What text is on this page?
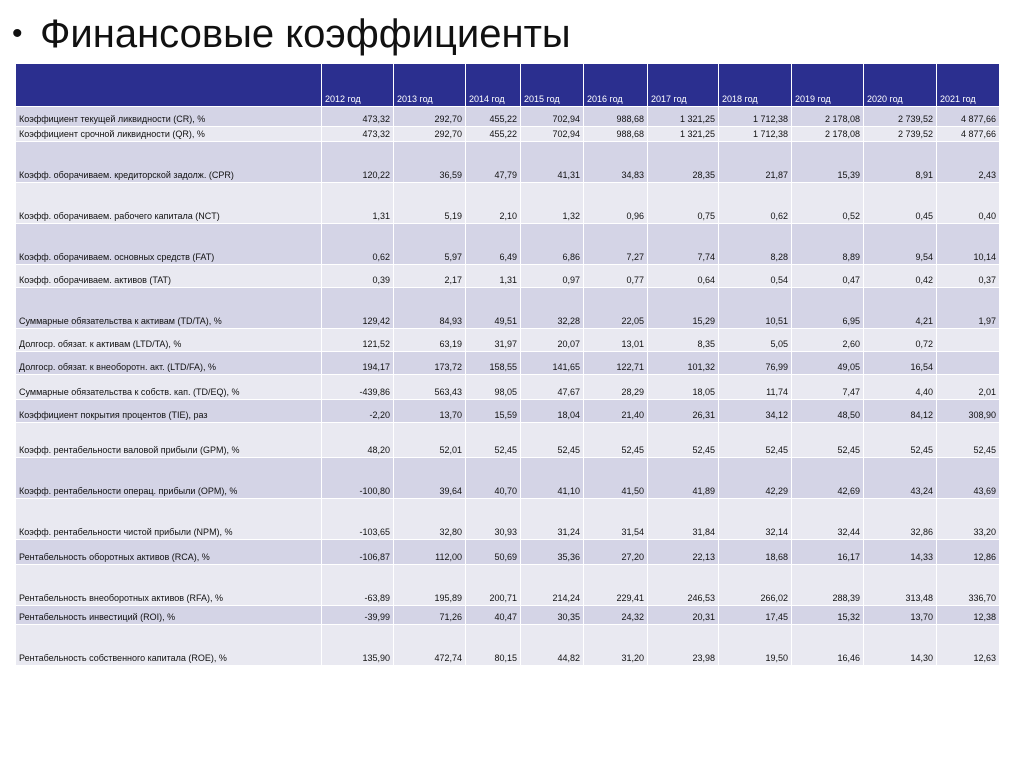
• Финансовые коэффициенты
	2012 год	2013 год	2014 год	2015 год	2016 год	2017 год	2018 год	2019 год	2020 год	2021 год
Коэффициент текущей ликвидности (CR), %	473,32	292,70	455,22	702,94	988,68	1 321,25	1 712,38	2 178,08	2 739,52	4 877,66
Коэффициент срочной ликвидности (QR), %	473,32	292,70	455,22	702,94	988,68	1 321,25	1 712,38	2 178,08	2 739,52	4 877,66
Коэфф. оборачиваем. кредиторской задолж. (CPR)	120,22	36,59	47,79	41,31	34,83	28,35	21,87	15,39	8,91	2,43
Коэфф. оборачиваем. рабочего капитала (NCT)	1,31	5,19	2,10	1,32	0,96	0,75	0,62	0,52	0,45	0,40
Коэфф. оборачиваем. основных средств (FAT)	0,62	5,97	6,49	6,86	7,27	7,74	8,28	8,89	9,54	10,14
Коэфф. оборачиваем. активов (TAT)	0,39	2,17	1,31	0,97	0,77	0,64	0,54	0,47	0,42	0,37
Суммарные обязательства к активам (TD/TA), %	129,42	84,93	49,51	32,28	22,05	15,29	10,51	6,95	4,21	1,97
Долгоср. обязат. к активам (LTD/TA), %	121,52	63,19	31,97	20,07	13,01	8,35	5,05	2,60	0,72	
Долгоср. обязат. к внеоборотн. акт. (LTD/FA), %	194,17	173,72	158,55	141,65	122,71	101,32	76,99	49,05	16,54	
Суммарные обязательства к собств. кап. (TD/EQ), %	-439,86	563,43	98,05	47,67	28,29	18,05	11,74	7,47	4,40	2,01
Коэффициент покрытия процентов (TIE), раз	-2,20	13,70	15,59	18,04	21,40	26,31	34,12	48,50	84,12	308,90
Коэфф. рентабельности валовой прибыли (GPM), %	48,20	52,01	52,45	52,45	52,45	52,45	52,45	52,45	52,45	52,45
Коэфф. рентабельности операц. прибыли (OPM), %	-100,80	39,64	40,70	41,10	41,50	41,89	42,29	42,69	43,24	43,69
Коэфф. рентабельности чистой прибыли (NPM), %	-103,65	32,80	30,93	31,24	31,54	31,84	32,14	32,44	32,86	33,20
Рентабельность оборотных активов (RCA), %	-106,87	112,00	50,69	35,36	27,20	22,13	18,68	16,17	14,33	12,86
Рентабельность внеоборотных активов (RFA), %	-63,89	195,89	200,71	214,24	229,41	246,53	266,02	288,39	313,48	336,70
Рентабельность инвестиций (ROI), %	-39,99	71,26	40,47	30,35	24,32	20,31	17,45	15,32	13,70	12,38
Рентабельность собственного капитала (ROE), %	135,90	472,74	80,15	44,82	31,20	23,98	19,50	16,46	14,30	12,63
